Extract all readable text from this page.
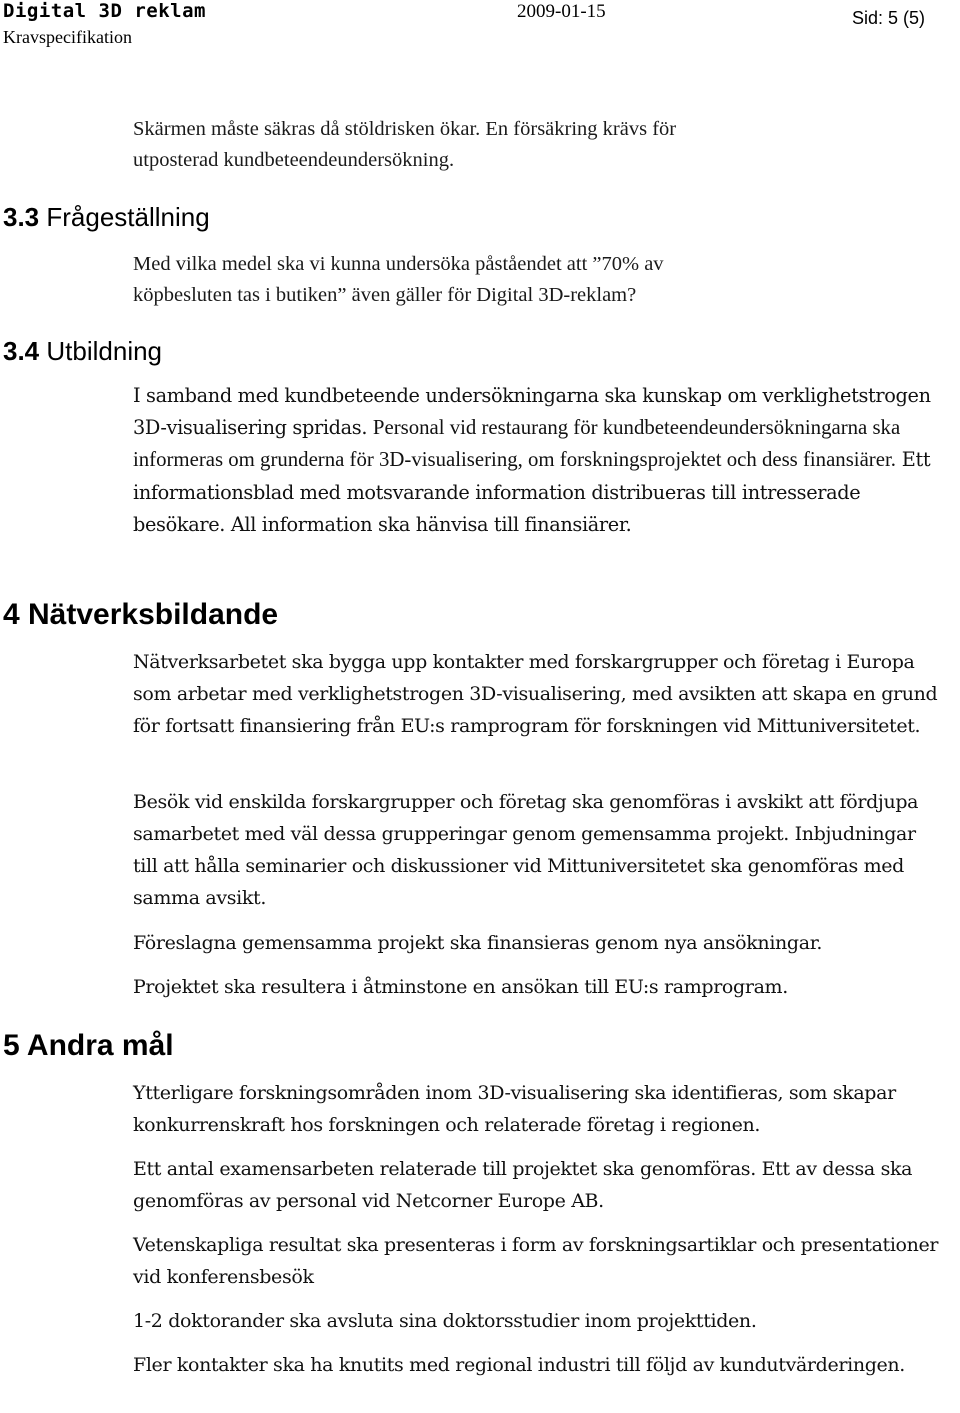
Digital 3D reklam
Kravspecifikation
2009-01-15	Sid: 5 (5)
Skärmen måste säkras då stöldrisken ökar. En försäkring krävs för
utposterad kundbeteendeundersökning.
3.3 Frågeställning
Med vilka medel ska vi kunna undersöka påståendet att ”70% av
köpbesluten tas i butiken” även gäller för Digital 3D-reklam?
3.4 Utbildning
I samband med kundbeteende undersökningarna ska kunskap om verklighetstrogen 3D-visualisering spridas. Personal vid restaurang för kundbeteendeundersökningarna ska informeras om grunderna för 3D-visualisering, om forskningsprojektet och dess finansiärer. Ett informationsblad med motsvarande information distribueras till intresserade besökare. All information ska hänvisa till finansiärer.
4 Nätverksbildande
Nätverksarbetet ska bygga upp kontakter med forskargrupper och företag i Europa som arbetar med verklighetstrogen 3D-visualisering, med avsikten att skapa en grund för fortsatt finansiering från EU:s ramprogram för forskningen vid Mittuniversitetet.
Besök vid enskilda forskargrupper och företag ska genomföras i avskikt att fördjupa samarbetet med väl dessa grupperingar genom gemensamma projekt. Inbjudningar till att hålla seminarier och diskussioner vid Mittuniversitetet ska genomföras med samma avsikt.
Föreslagna gemensamma projekt ska finansieras genom nya ansökningar.
Projektet ska resultera i åtminstone en ansökan till EU:s ramprogram.
5 Andra mål
Ytterligare forskningsområden inom 3D-visualisering ska identifieras, som skapar konkurrenskraft hos forskningen och relaterade företag i regionen.
Ett antal examensarbeten relaterade till projektet ska genomföras. Ett av dessa ska genomföras av personal vid Netcorner Europe AB.
Vetenskapliga resultat ska presenteras i form av forskningsartiklar och presentationer vid konferensbesök
1-2 doktorander ska avsluta sina doktorsstudier inom projekttiden.
Fler kontakter ska ha knutits med regional industri till följd av kundutvärderingen.
